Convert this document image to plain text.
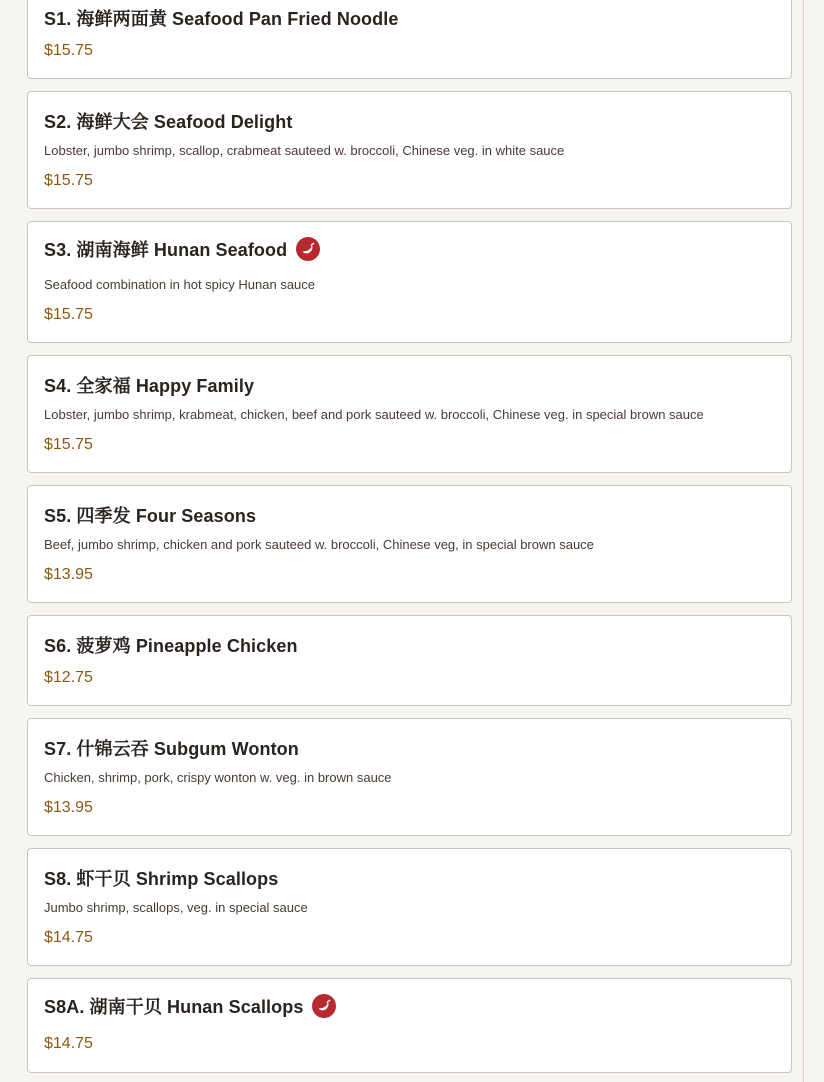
S1. 海鲜两面黄 Seafood Pan Fried Noodle
$15.75
S2. 海鲜大会 Seafood Delight
Lobster, jumbo shrimp, scallop, crabmeat sauteed w. broccoli, Chinese veg. in white sauce
$15.75
S3. 湖南海鲜 Hunan Seafood
Seafood combination in hot spicy Hunan sauce
$15.75
S4. 全家福 Happy Family
Lobster, jumbo shrimp, krabmeat, chicken, beef and pork sauteed w. broccoli, Chinese veg. in special brown sauce
$15.75
S5. 四季发 Four Seasons
Beef, jumbo shrimp, chicken and pork sauteed w. broccoli, Chinese veg, in special brown sauce
$13.95
S6. 菠萝鸡 Pineapple Chicken
$12.75
S7. 什锦云吞 Subgum Wonton
Chicken, shrimp, pork, crispy wonton w. veg. in brown sauce
$13.95
S8. 虾干贝 Shrimp Scallops
Jumbo shrimp, scallops, veg. in special sauce
$14.75
S8A. 湖南干贝 Hunan Scallops
$14.75
